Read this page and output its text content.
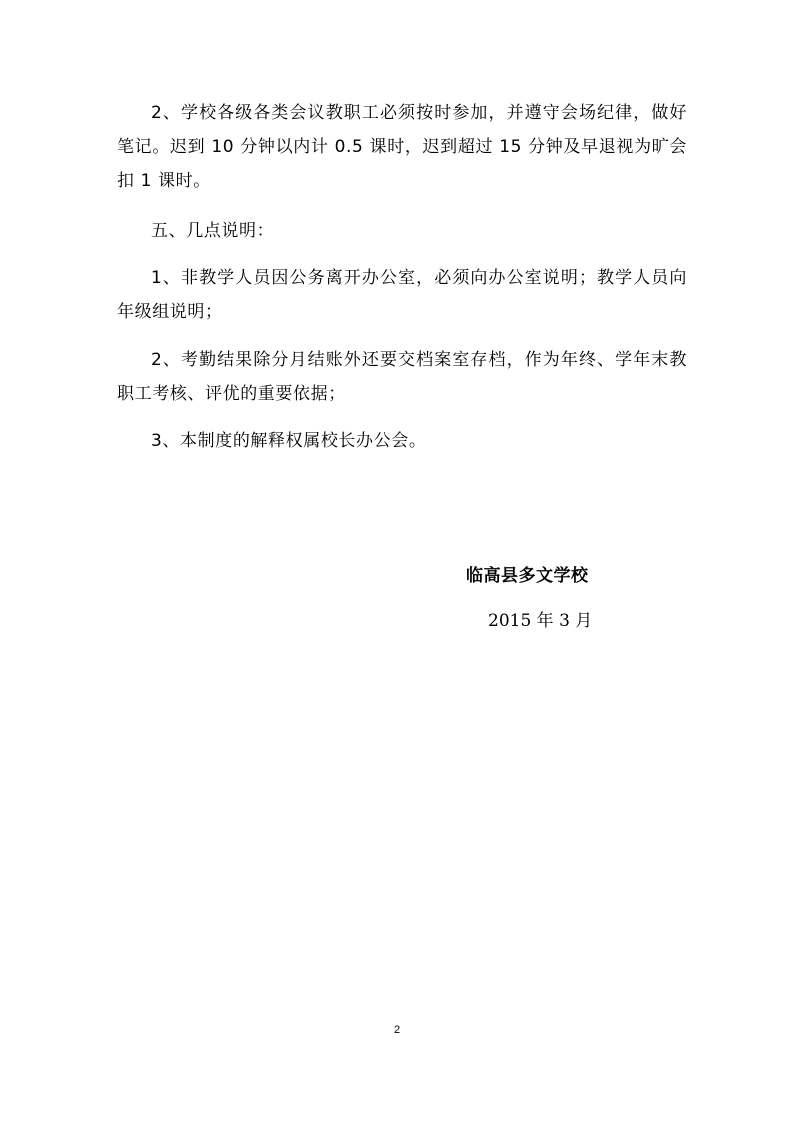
2、学校各级各类会议教职工必须按时参加，并遵守会场纪律，做好笔记。迟到 10 分钟以内计 0.5 课时，迟到超过 15 分钟及早退视为旷会扣 1 课时。

五、几点说明：

1、非教学人员因公务离开办公室，必须向办公室说明；教学人员向年级组说明；

2、考勤结果除分月结账外还要交档案室存档，作为年终、学年末教职工考核、评优的重要依据；

3、本制度的解释权属校长办公会。

临高县多文学校

2015 年 3 月

2
